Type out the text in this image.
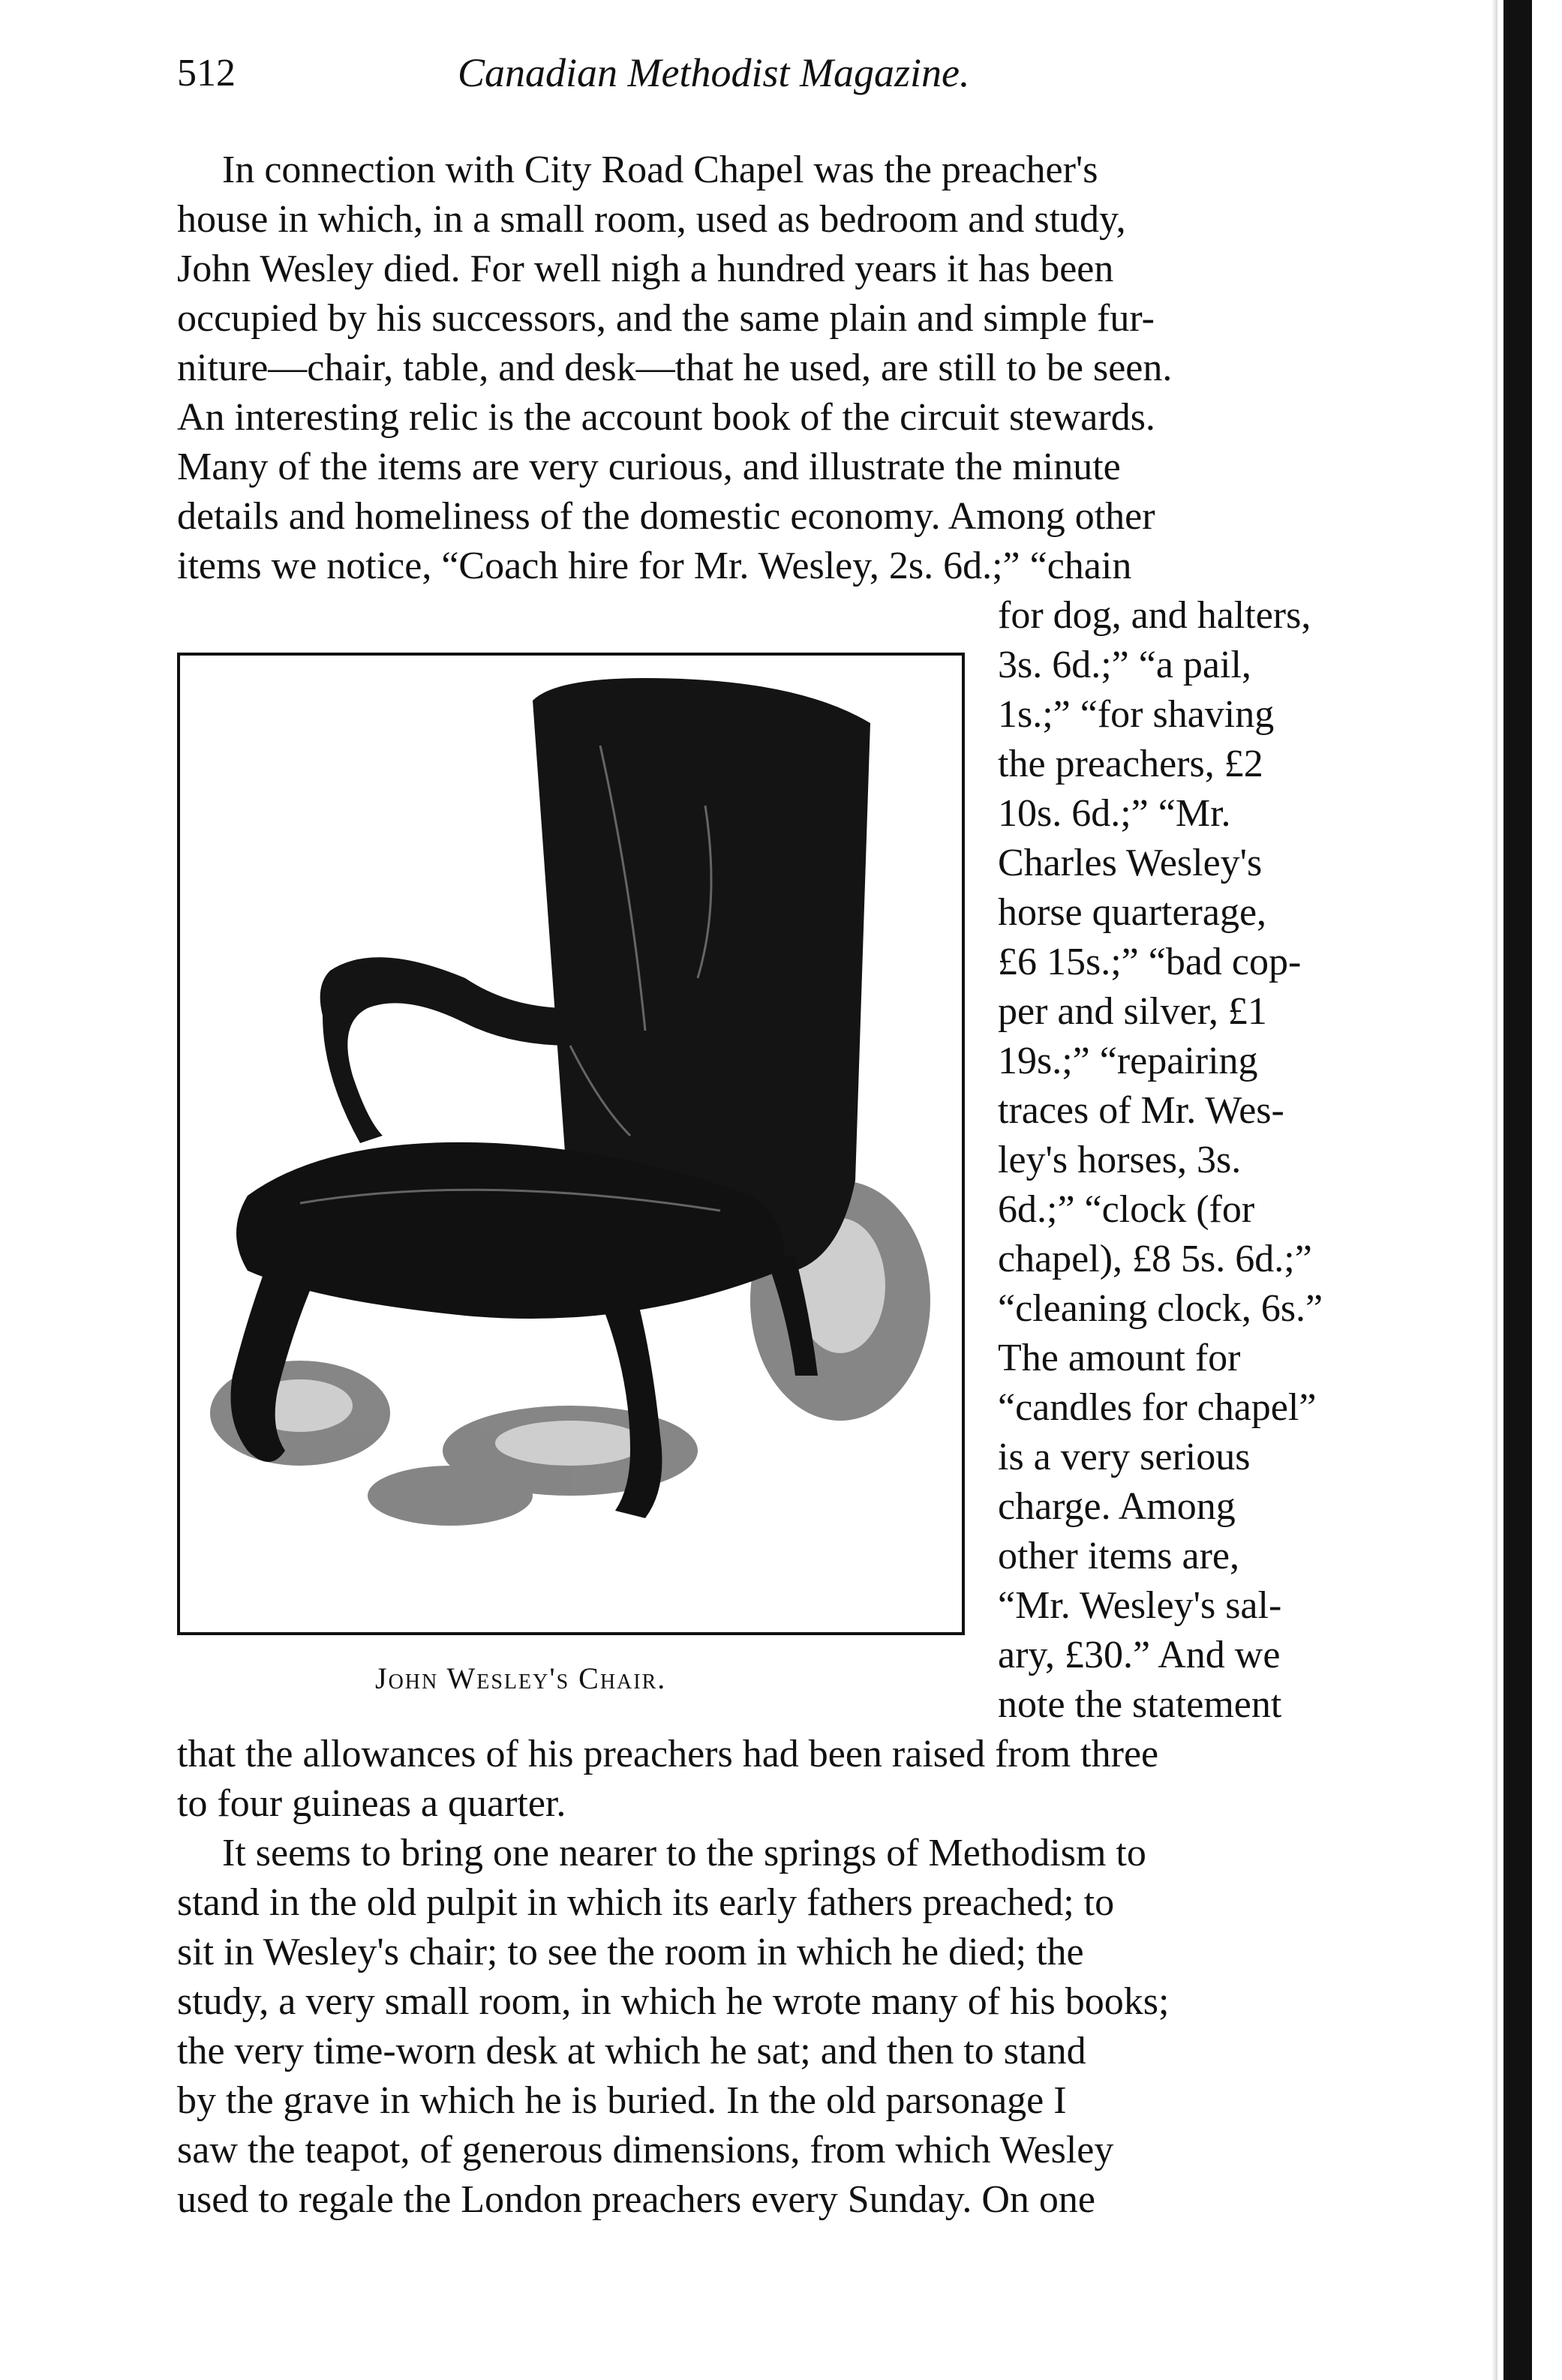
512	Canadian Methodist Magazine.
In connection with City Road Chapel was the preacher's
house in which, in a small room, used as bedroom and study,
John Wesley died. For well nigh a hundred years it has been
occupied by his successors, and the same plain and simple fur-
niture—chair, table, and desk—that he used, are still to be seen.
An interesting relic is the account book of the circuit stewards.
Many of the items are very curious, and illustrate the minute
details and homeliness of the domestic economy. Among other
items we notice, “Coach hire for Mr. Wesley, 2s. 6d.;” “chain
for dog, and halters,
3s. 6d.;” “a pail,
1s.;” “for shaving
the preachers, £2
10s. 6d.;” “Mr.
Charles Wesley's
horse quarterage,
£6 15s.;” “bad cop-
per and silver, £1
19s.;” “repairing
traces of Mr. Wes-
ley's horses, 3s.
6d.;” “clock (for
chapel), £8 5s. 6d.;”
“cleaning clock, 6s.”
The amount for
“candles for chapel”
is a very serious
charge. Among
other items are,
“Mr. Wesley's sal-
ary, £30.” And we
note the statement
that the allowances of his preachers had been raised from three
to four guineas a quarter.
It seems to bring one nearer to the springs of Methodism to
stand in the old pulpit in which its early fathers preached; to
sit in Wesley's chair; to see the room in which he died; the
study, a very small room, in which he wrote many of his books;
the very time-worn desk at which he sat; and then to stand
by the grave in which he is buried. In the old parsonage I
saw the teapot, of generous dimensions, from which Wesley
used to regale the London preachers every Sunday. On one
John Wesley's Chair.
